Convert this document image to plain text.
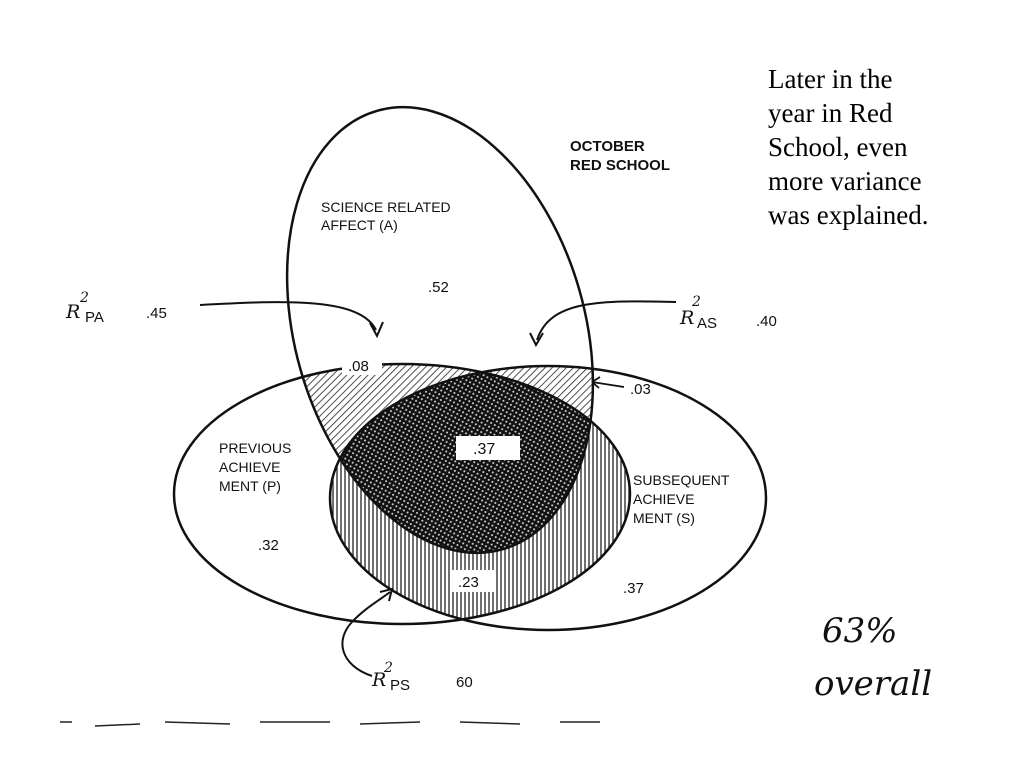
OCTOBER
RED SCHOOL
SCIENCE RELATED
AFFECT (A)
.52
PREVIOUS
ACHIEVE
MENT (P)
.32
SUBSEQUENT
ACHIEVE
MENT (S)
.37
.08
.37
.23
.03
R
2
PA	.45	R
2
AS	.40
R
2
PS	60
63%
overall
Later in the
year in Red
School, even
more variance
was explained.
